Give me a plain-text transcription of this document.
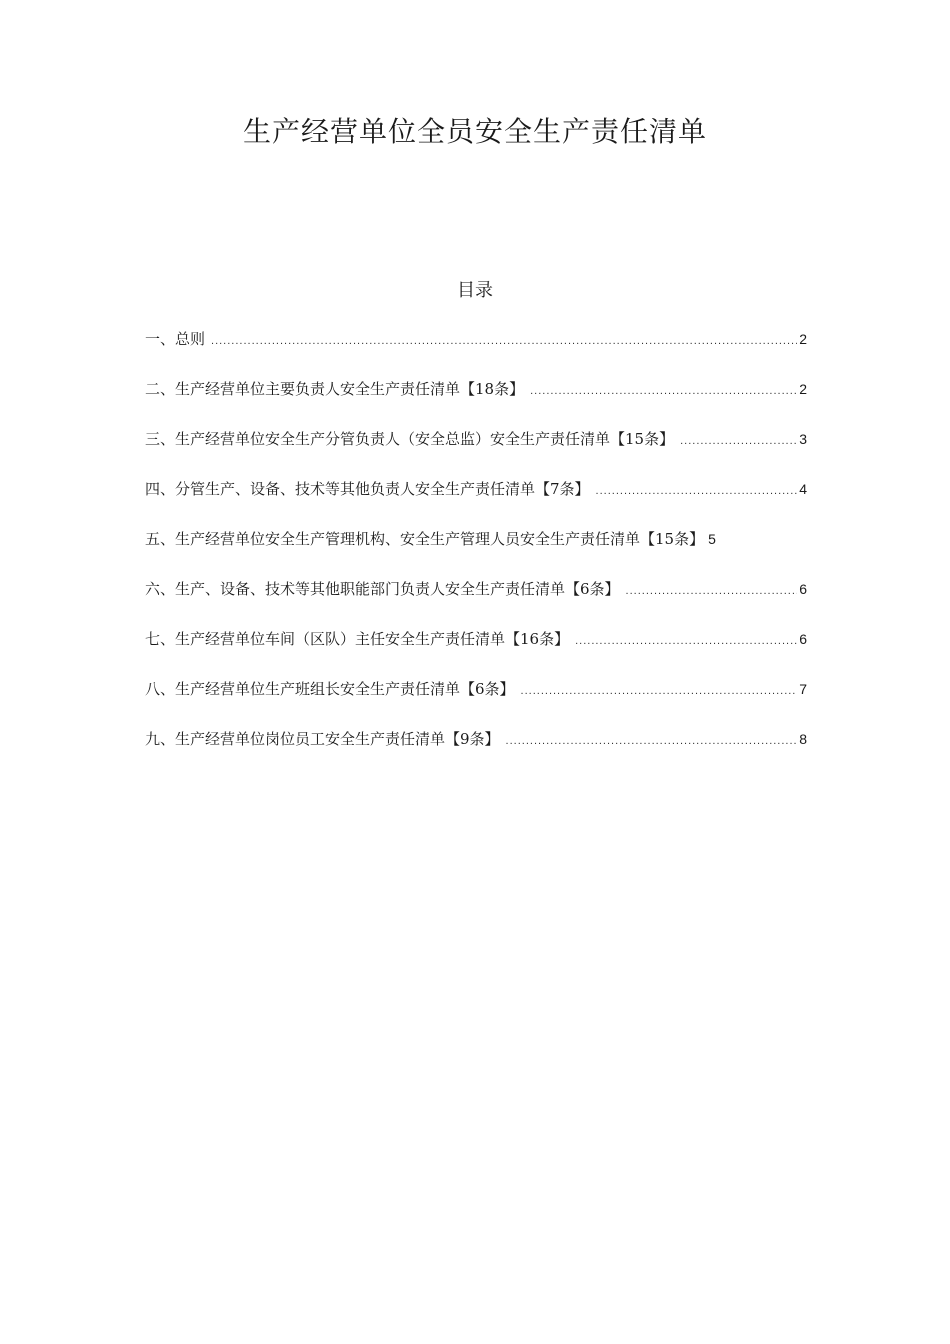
生产经营单位全员安全生产责任清单
目录
一、总则 .....	2
二、生产经营单位主要负责人安全生产责任清单【18条】 .....	2
三、生产经营单位安全生产分管负责人（安全总监）安全生产责任清单【15条】 .....	3
四、分管生产、设备、技术等其他负责人安全生产责任清单【7条】 .....	4
五、生产经营单位安全生产管理机构、安全生产管理人员安全生产责任清单【15条】 5
六、生产、设备、技术等其他职能部门负责人安全生产责任清单【6条】 .....	6
七、生产经营单位车间（区队）主任安全生产责任清单【16条】 .....	6
八、生产经营单位生产班组长安全生产责任清单【6条】 .....	7
九、生产经营单位岗位员工安全生产责任清单【9条】 .....	8
